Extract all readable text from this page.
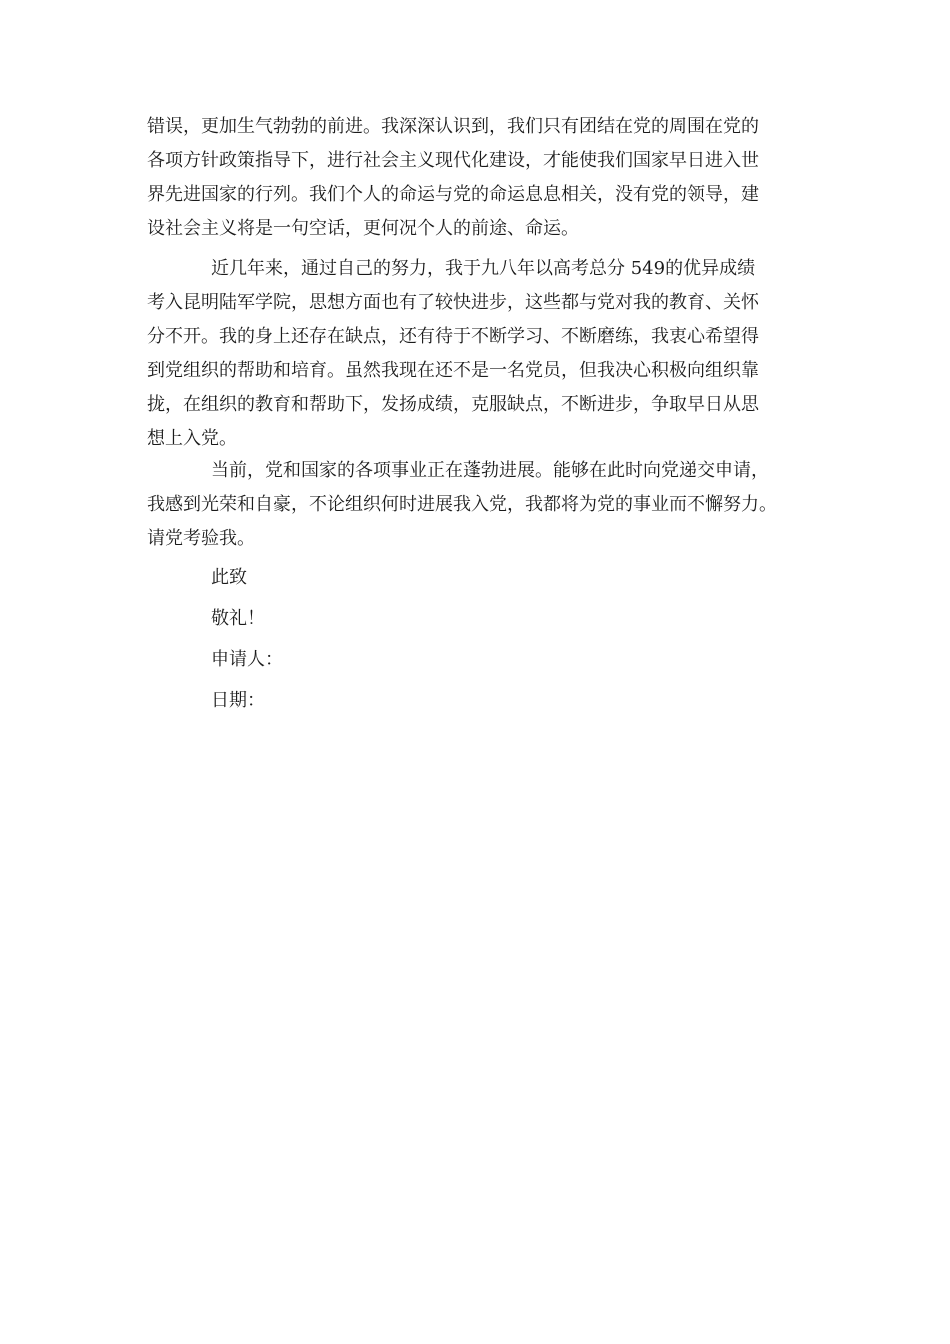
错误，更加生气勃勃的前进。我深深认识到，我们只有团结在党的周围在党的
各项方针政策指导下，进行社会主义现代化建设，才能使我们国家早日进入世
界先进国家的行列。我们个人的命运与党的命运息息相关，没有党的领导，建
设社会主义将是一句空话，更何况个人的前途、命运。
近几年来，通过自己的努力，我于九八年以高考总分 549的优异成绩
考入昆明陆军学院，思想方面也有了较快进步，这些都与党对我的教育、关怀
分不开。我的身上还存在缺点，还有待于不断学习、不断磨练，我衷心希望得
到党组织的帮助和培育。虽然我现在还不是一名党员，但我决心积极向组织靠
拢，在组织的教育和帮助下，发扬成绩，克服缺点，不断进步，争取早日从思
想上入党。
当前，党和国家的各项事业正在蓬勃进展。能够在此时向党递交申请，
我感到光荣和自豪，不论组织何时进展我入党，我都将为党的事业而不懈努力。
请党考验我。
此致
敬礼！
申请人：
日期：
